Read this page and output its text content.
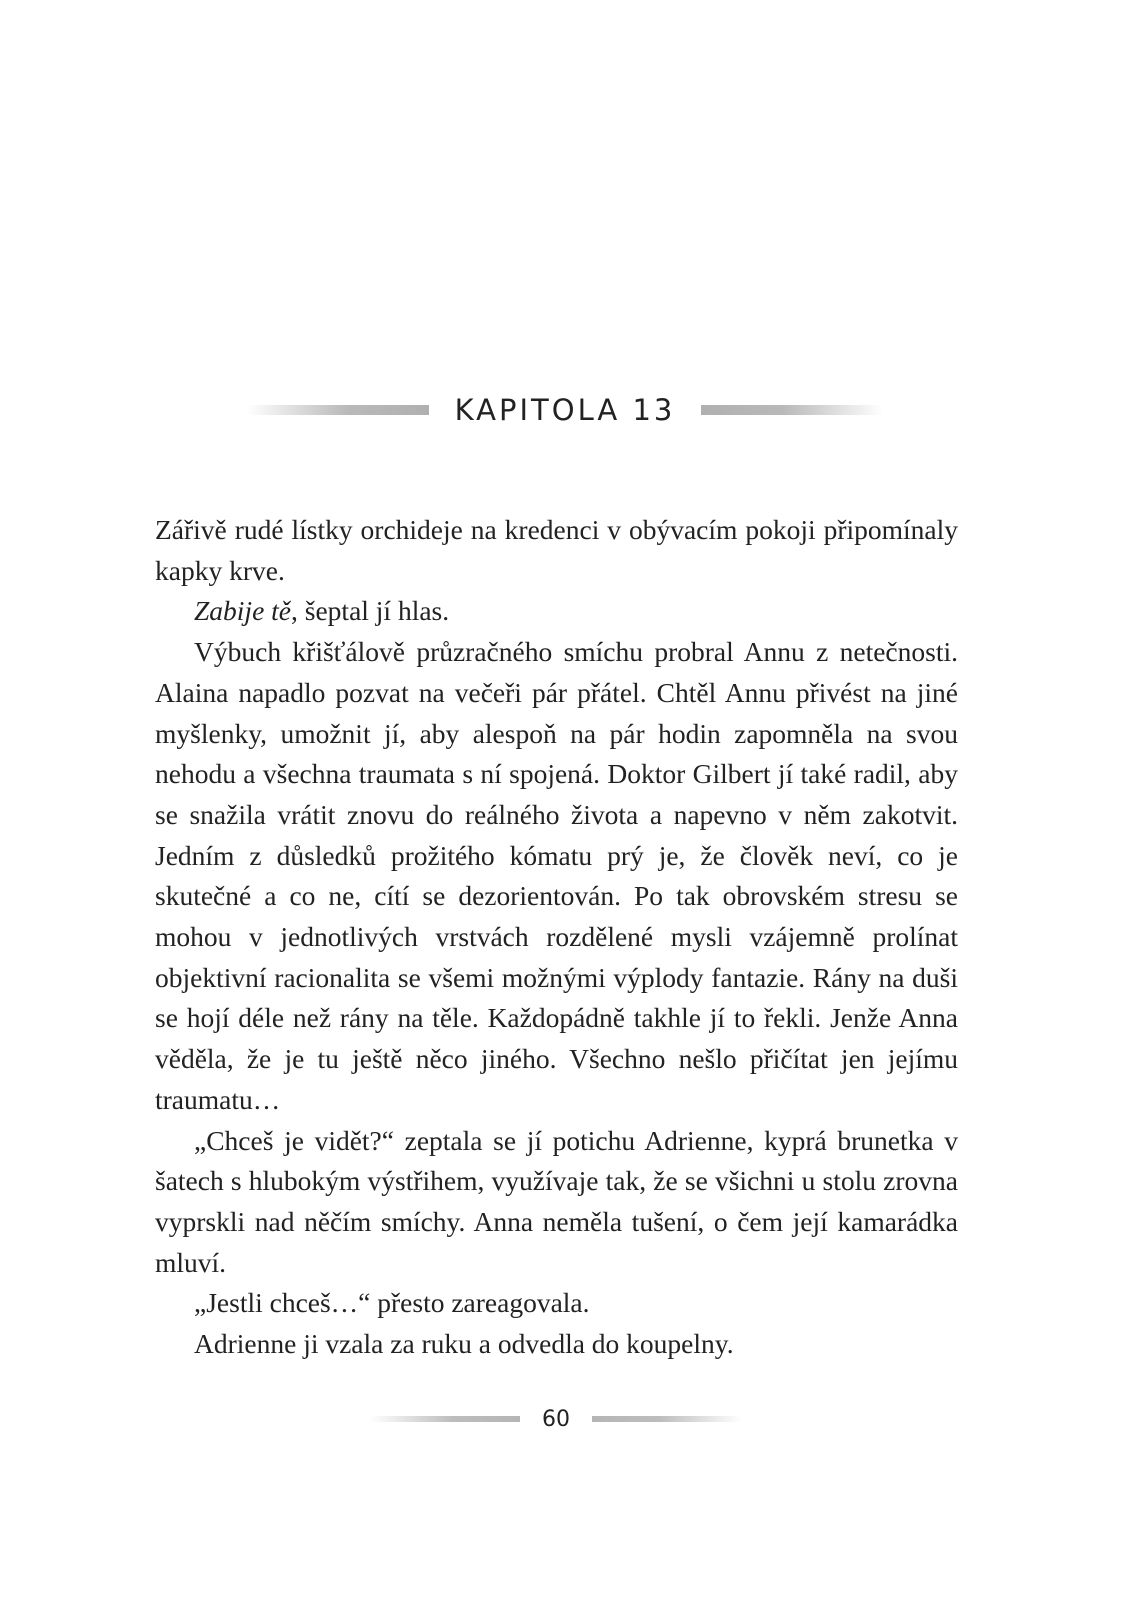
KAPITOLA 13

Zářivě rudé lístky orchideje na kredenci v obývacím pokoji připomínaly kapky krve.

Zabije tě, šeptal jí hlas.

Výbuch křišťálově průzračného smíchu probral Annu z netečnosti. Alaina napadlo pozvat na večeři pár přátel. Chtěl Annu přivést na jiné myšlenky, umožnit jí, aby alespoň na pár hodin zapomněla na svou nehodu a všechna traumata s ní spojená. Doktor Gilbert jí také radil, aby se snažila vrátit znovu do reálného života a napevno v něm zakotvit. Jedním z důsledků prožitého kómatu prý je, že člověk neví, co je skutečné a co ne, cítí se dezorientován. Po tak obrovském stresu se mohou v jednotlivých vrstvách rozdělené mysli vzájemně prolínat objektivní racionalita se všemi možnými výplody fantazie. Rány na duši se hojí déle než rány na těle. Každopádně takhle jí to řekli. Jenže Anna věděla, že je tu ještě něco jiného. Všechno nešlo přičítat jen jejímu traumatu…

„Chceš je vidět?“ zeptala se jí potichu Adrienne, kyprá brunetka v šatech s hlubokým výstřihem, využívaje tak, že se všichni u stolu zrovna vyprskli nad něčím smíchy. Anna neměla tušení, o čem její kamarádka mluví.

„Jestli chceš…“ přesto zareagovala.

Adrienne ji vzala za ruku a odvedla do koupelny.

60
